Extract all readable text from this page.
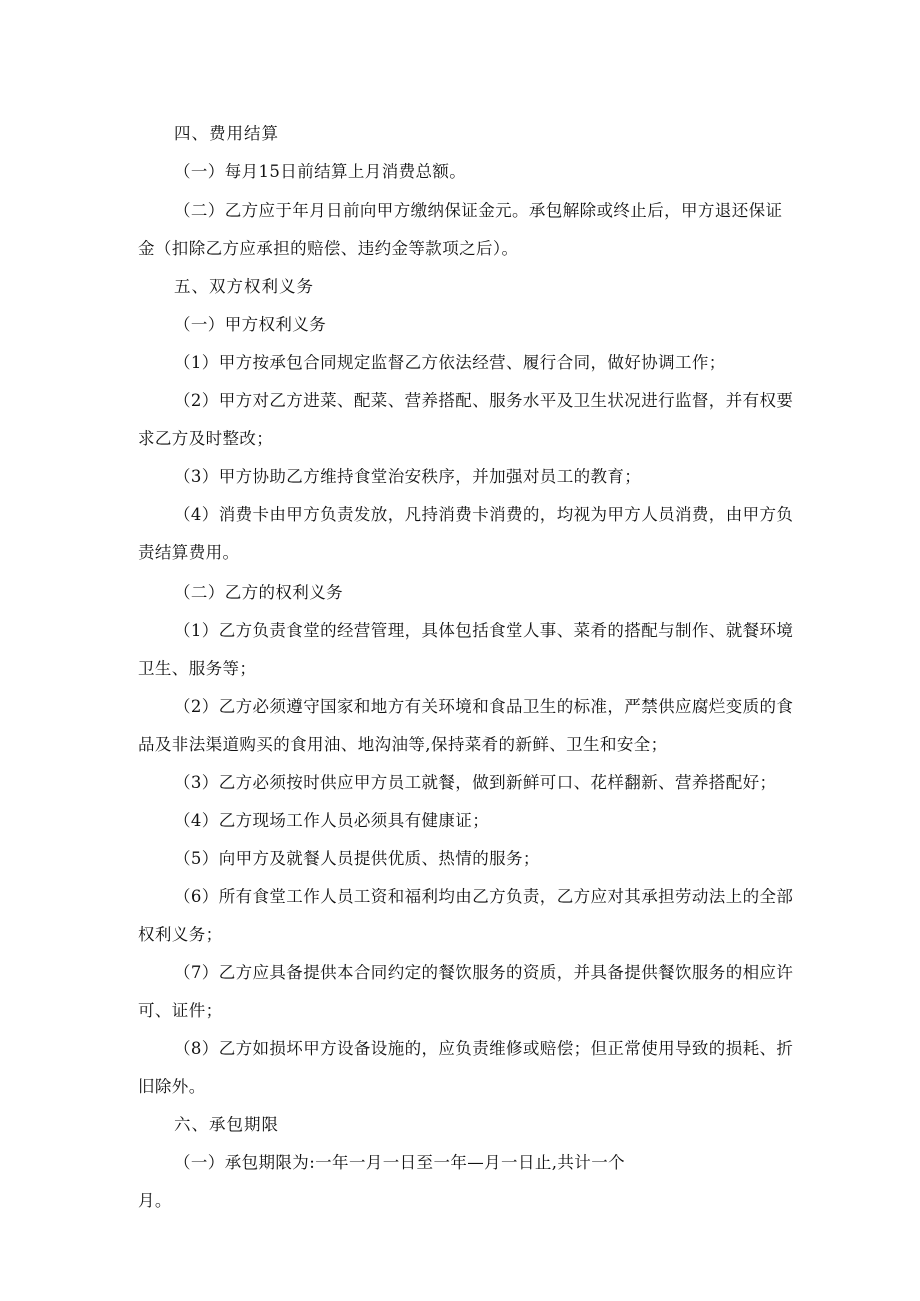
四、费用结算
（一）每月15日前结算上月消费总额。
（二）乙方应于年月日前向甲方缴纳保证金元。承包解除或终止后，甲方退还保证金（扣除乙方应承担的赔偿、违约金等款项之后）。
五、双方权利义务
（一）甲方权利义务
（1）甲方按承包合同规定监督乙方依法经营、履行合同，做好协调工作；
（2）甲方对乙方进菜、配菜、营养搭配、服务水平及卫生状况进行监督，并有权要求乙方及时整改；
（3）甲方协助乙方维持食堂治安秩序，并加强对员工的教育；
（4）消费卡由甲方负责发放，凡持消费卡消费的，均视为甲方人员消费，由甲方负责结算费用。
（二）乙方的权利义务
（1）乙方负责食堂的经营管理，具体包括食堂人事、菜肴的搭配与制作、就餐环境卫生、服务等；
（2）乙方必须遵守国家和地方有关环境和食品卫生的标准，严禁供应腐烂变质的食品及非法渠道购买的食用油、地沟油等,保持菜肴的新鲜、卫生和安全；
（3）乙方必须按时供应甲方员工就餐，做到新鲜可口、花样翻新、营养搭配好；
（4）乙方现场工作人员必须具有健康证；
（5）向甲方及就餐人员提供优质、热情的服务；
（6）所有食堂工作人员工资和福利均由乙方负责，乙方应对其承担劳动法上的全部权利义务；
（7）乙方应具备提供本合同约定的餐饮服务的资质，并具备提供餐饮服务的相应许可、证件；
（8）乙方如损坏甲方设备设施的，应负责维修或赔偿；但正常使用导致的损耗、折旧除外。
六、承包期限
（一）承包期限为:一年一月一日至一年—月一日止,共计一个月。
